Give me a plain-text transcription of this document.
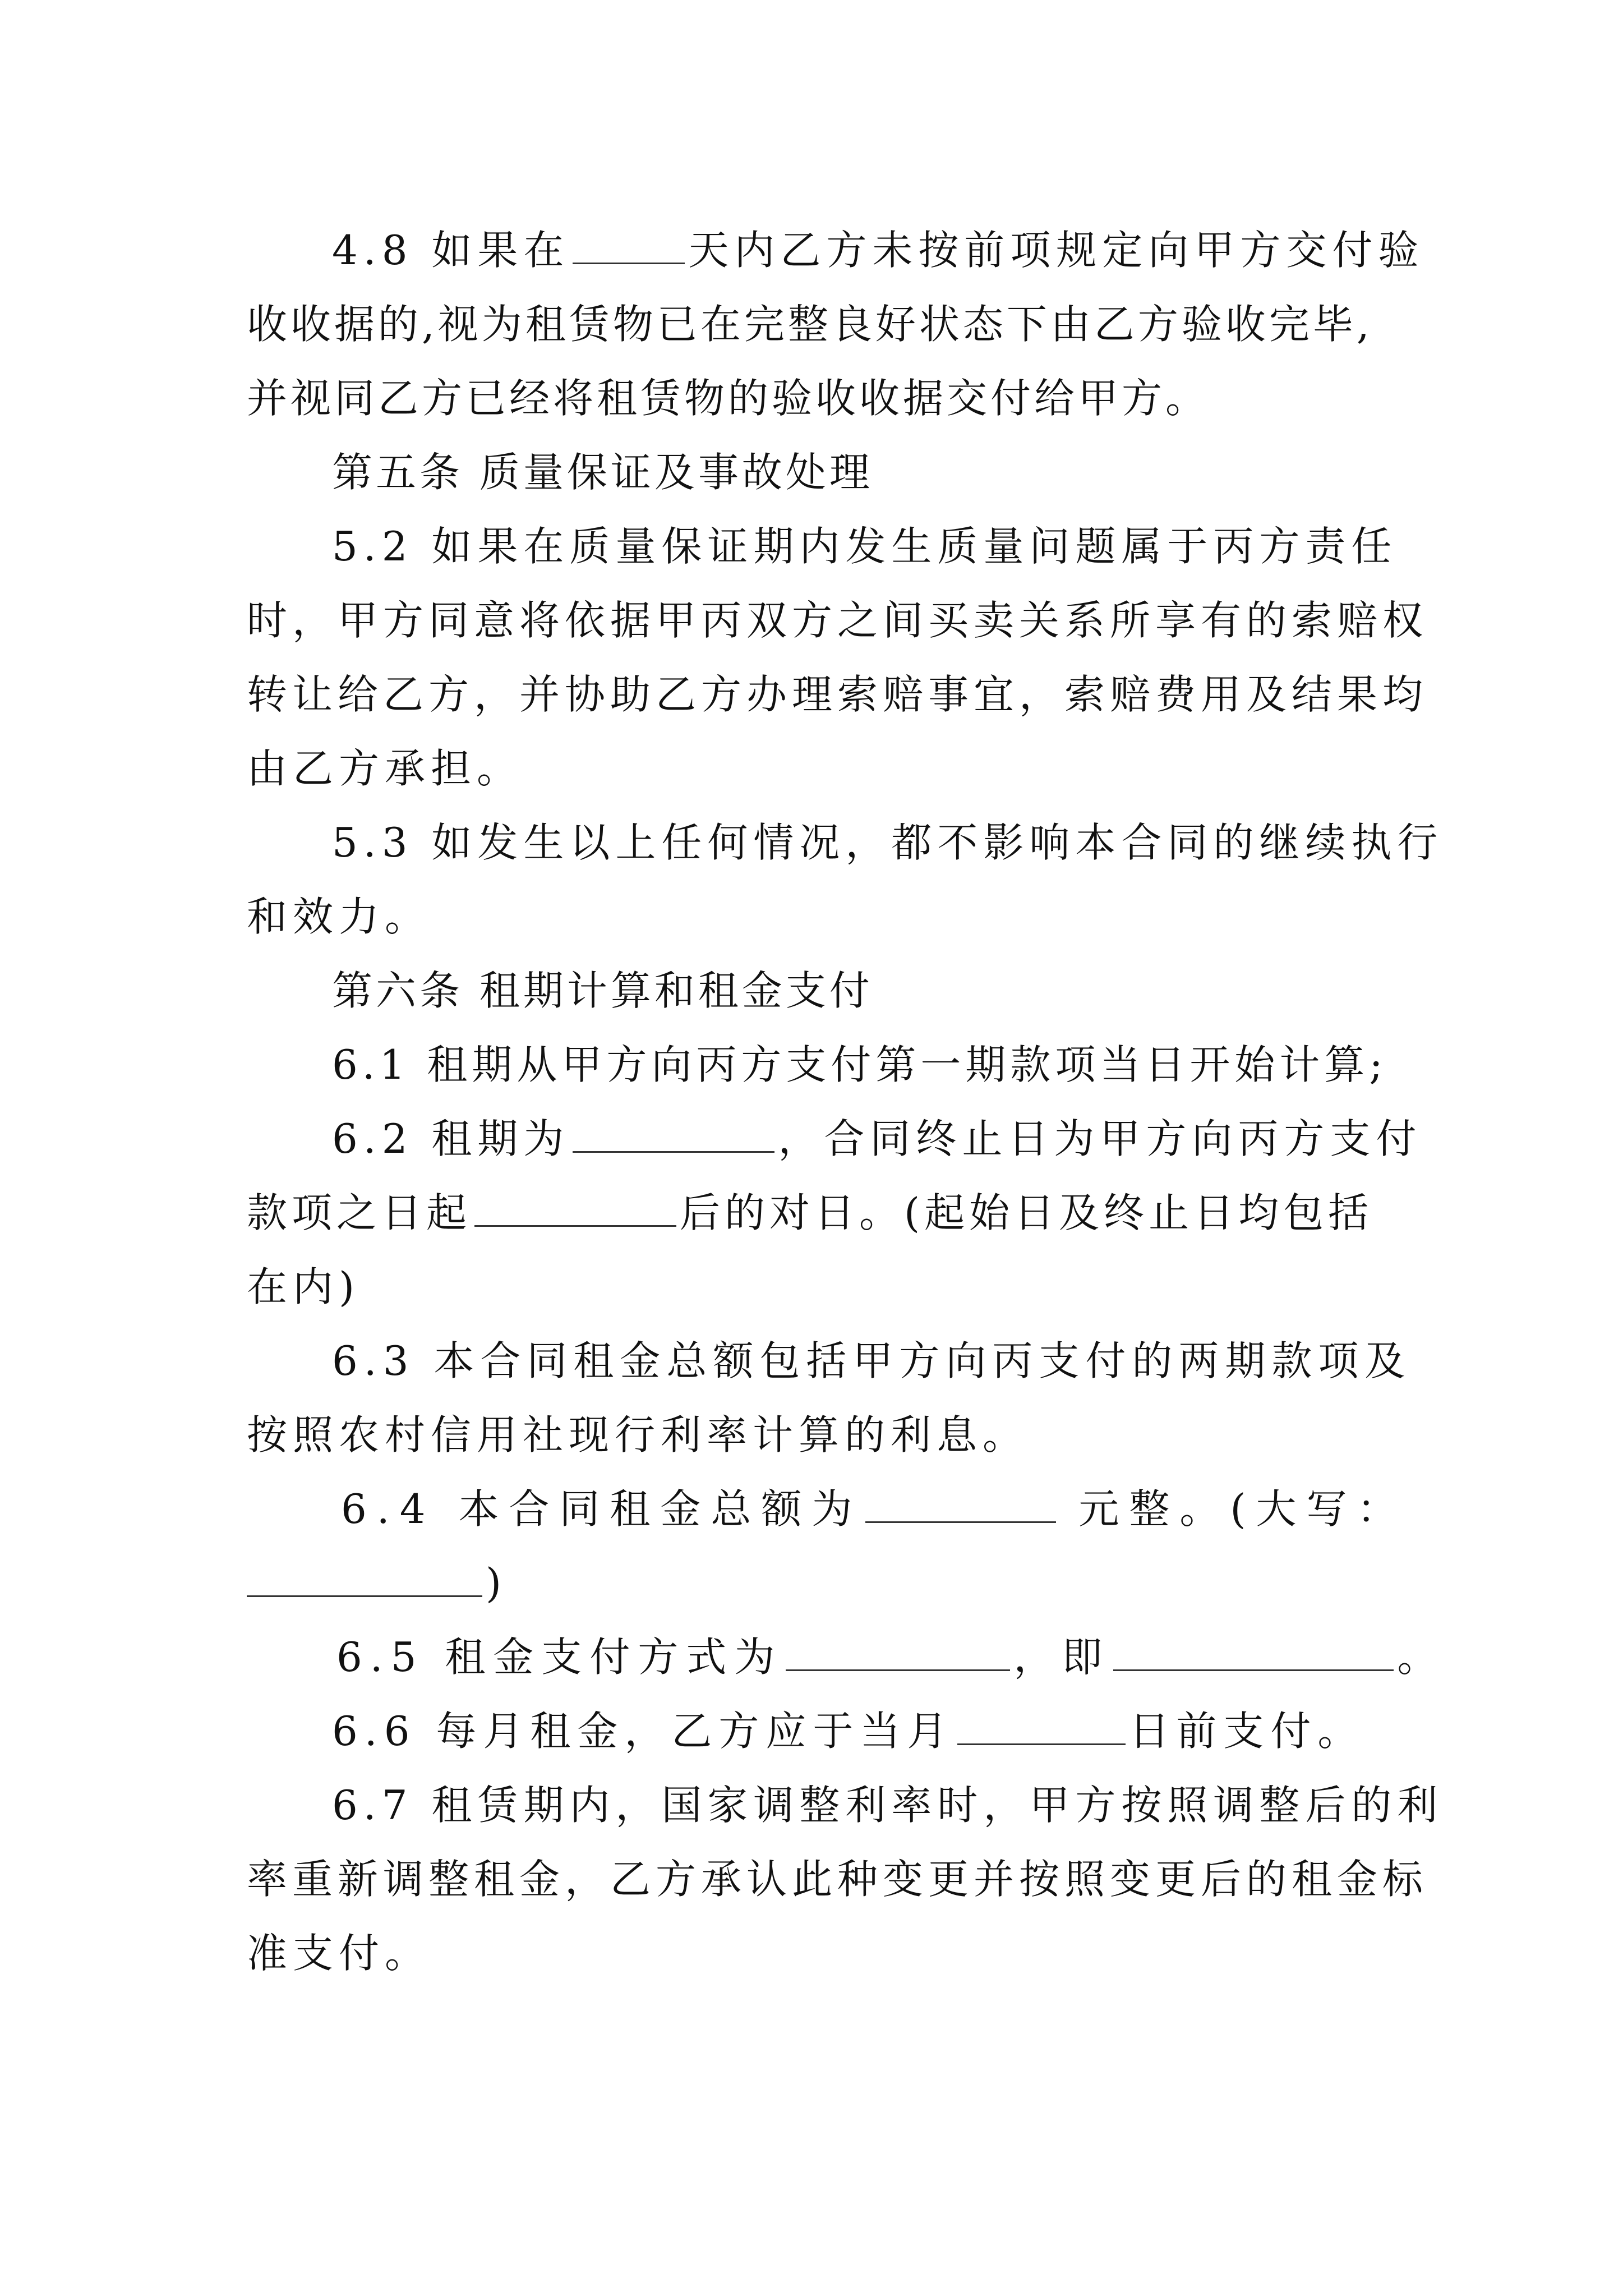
4.8 如果在	天内乙方未按前项规定向甲方交付验
收收据的,视为租赁物已在完整良好状态下由乙方验收完毕,
并视同乙方已经将租赁物的验收收据交付给甲方。
第五条 质量保证及事故处理
5.2 如果在质量保证期内发生质量问题属于丙方责任
时，甲方同意将依据甲丙双方之间买卖关系所享有的索赔权
转让给乙方，并协助乙方办理索赔事宜，索赔费用及结果均
由乙方承担。
5.3 如发生以上任何情况，都不影响本合同的继续执行
和效力。
第六条 租期计算和租金支付
6.1 租期从甲方向丙方支付第一期款项当日开始计算;
6.2 租期为	，合同终止日为甲方向丙方支付
款项之日起	后的对日。(起始日及终止日均包括
在内)
6.3 本合同租金总额包括甲方向丙支付的两期款项及
按照农村信用社现行利率计算的利息。
6.4 本合同租金总额为	元整。(大写：
)
6.5 租金支付方式为	，即	。
6.6 每月租金，乙方应于当月	日前支付。
6.7 租赁期内，国家调整利率时，甲方按照调整后的利
率重新调整租金，乙方承认此种变更并按照变更后的租金标
准支付。
